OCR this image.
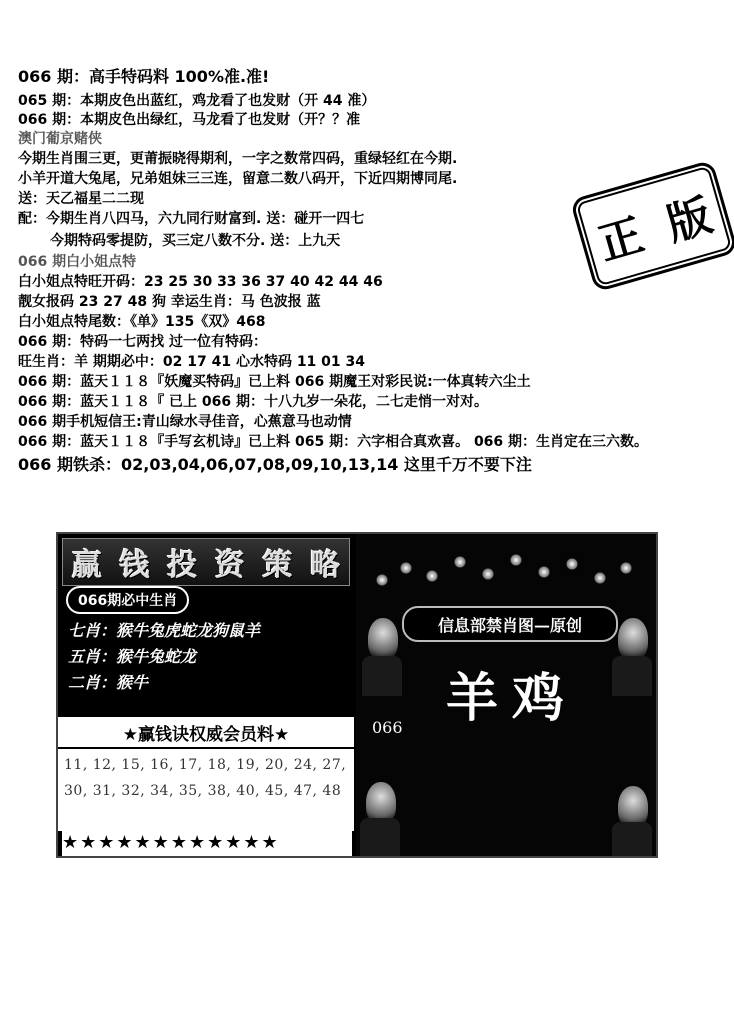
066 期：高手特码料 100%准.准!
065 期：本期皮色出蓝红，鸡龙看了也发财（开 44 准）
066 期：本期皮色出绿红，马龙看了也发财（开？？准
澳门葡京赌侠
今期生肖围三更，更莆振晓得期利，一字之数常四码，重绿轻红在今期.
小羊开道大兔尾，兄弟姐妹三三连，留意二数八码开，下近四期博同尾.
送：天乙福星二二现
配：今期生肖八四马，六九同行财富到. 送：碰开一四七
今期特码零提防，买三定八数不分. 送：上九天
066 期白小姐点特
白小姐点特旺开码：23 25 30 33 36 37 40 42 44 46
靓女报码 23 27 48 狗 幸运生肖：马 色波报 蓝
白小姐点特尾数：《单》135《双》468
066 期：特码一七两找 过一位有特码：
旺生肖：羊 期期必中：02 17 41 心水特码 11 01 34
066 期：蓝天１１８『妖魔买特码』已上料 066 期魔王对彩民说:一体真转六尘土
066 期：蓝天１１８『 已上 066 期：十八九岁一朵花，二七走悄一对对。
066 期手机短信王:青山绿水寻佳音，心蕉意马也动情
066 期：蓝天１１８『手写玄机诗』已上料 065 期：六字相合真欢喜。 066 期：生肖定在三六数。
066 期铁杀：02,03,04,06,07,08,09,10,13,14 这里千万不要下注
正 版
赢 钱 投 资 策 略
066期必中生肖
七肖：猴牛兔虎蛇龙狗鼠羊
五肖：猴牛兔蛇龙
二肖：猴牛
★赢钱诀权威会员料★
11, 12, 15, 16, 17, 18, 19, 20, 24, 27,
30, 31, 32, 34, 35, 38, 40, 45, 47, 48
★★★★★★★★★★★★
信息部禁肖图—原创
羊鸡
066
